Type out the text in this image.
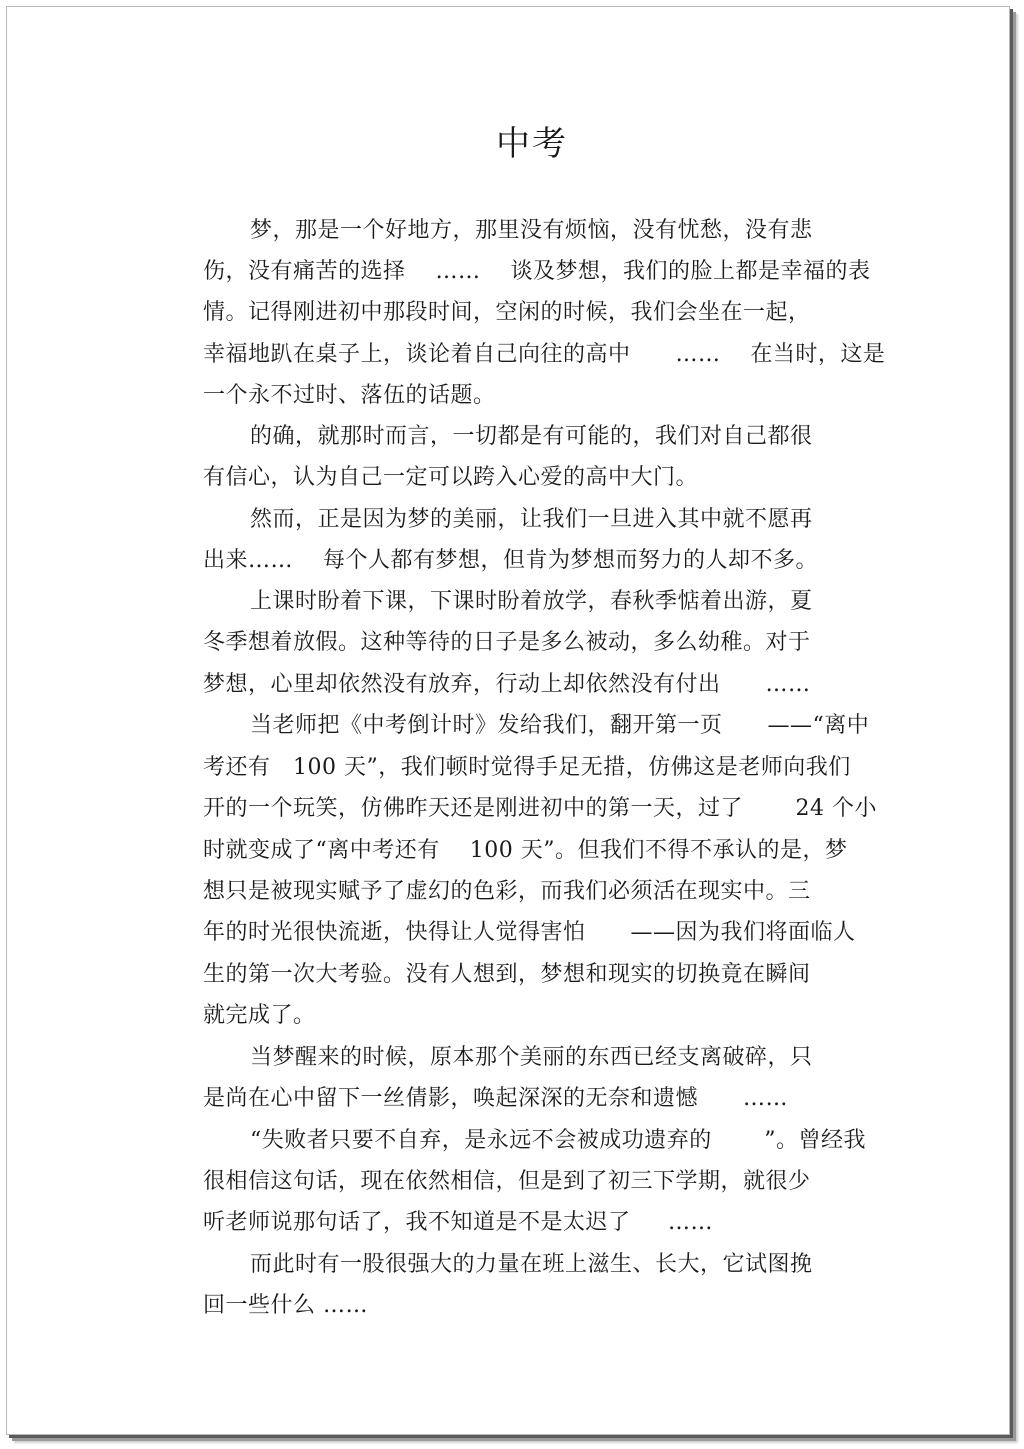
中考
梦，那是一个好地方，那里没有烦恼，没有忧愁，没有悲
伤，没有痛苦的选择    ……    谈及梦想，我们的脸上都是幸福的表
情。记得刚进初中那段时间，空闲的时候，我们会坐在一起，
幸福地趴在桌子上，谈论着自己向往的高中      ……    在当时，这是
一个永不过时、落伍的话题。
的确，就那时而言，一切都是有可能的，我们对自己都很
有信心，认为自己一定可以跨入心爱的高中大门。
然而，正是因为梦的美丽，让我们一旦进入其中就不愿再
出来……    每个人都有梦想，但肯为梦想而努力的人却不多。
上课时盼着下课，下课时盼着放学，春秋季惦着出游，夏
冬季想着放假。这种等待的日子是多么被动，多么幼稚。对于
梦想，心里却依然没有放弃，行动上却依然没有付出      ……
当老师把《中考倒计时》发给我们，翻开第一页      ——“离中
考还有   100 天”，我们顿时觉得手足无措，仿佛这是老师向我们
开的一个玩笑，仿佛昨天还是刚进初中的第一天，过了       24 个小
时就变成了“离中考还有    100 天”。但我们不得不承认的是，梦
想只是被现实赋予了虚幻的色彩，而我们必须活在现实中。三
年的时光很快流逝，快得让人觉得害怕      ——因为我们将面临人
生的第一次大考验。没有人想到，梦想和现实的切换竟在瞬间
就完成了。
当梦醒来的时候，原本那个美丽的东西已经支离破碎，只
是尚在心中留下一丝倩影，唤起深深的无奈和遗憾      ……
“失败者只要不自弃，是永远不会被成功遗弃的       ”。曾经我
很相信这句话，现在依然相信，但是到了初三下学期，就很少
听老师说那句话了，我不知道是不是太迟了     ……
而此时有一股很强大的力量在班上滋生、长大，它试图挽
回一些什么 ……
